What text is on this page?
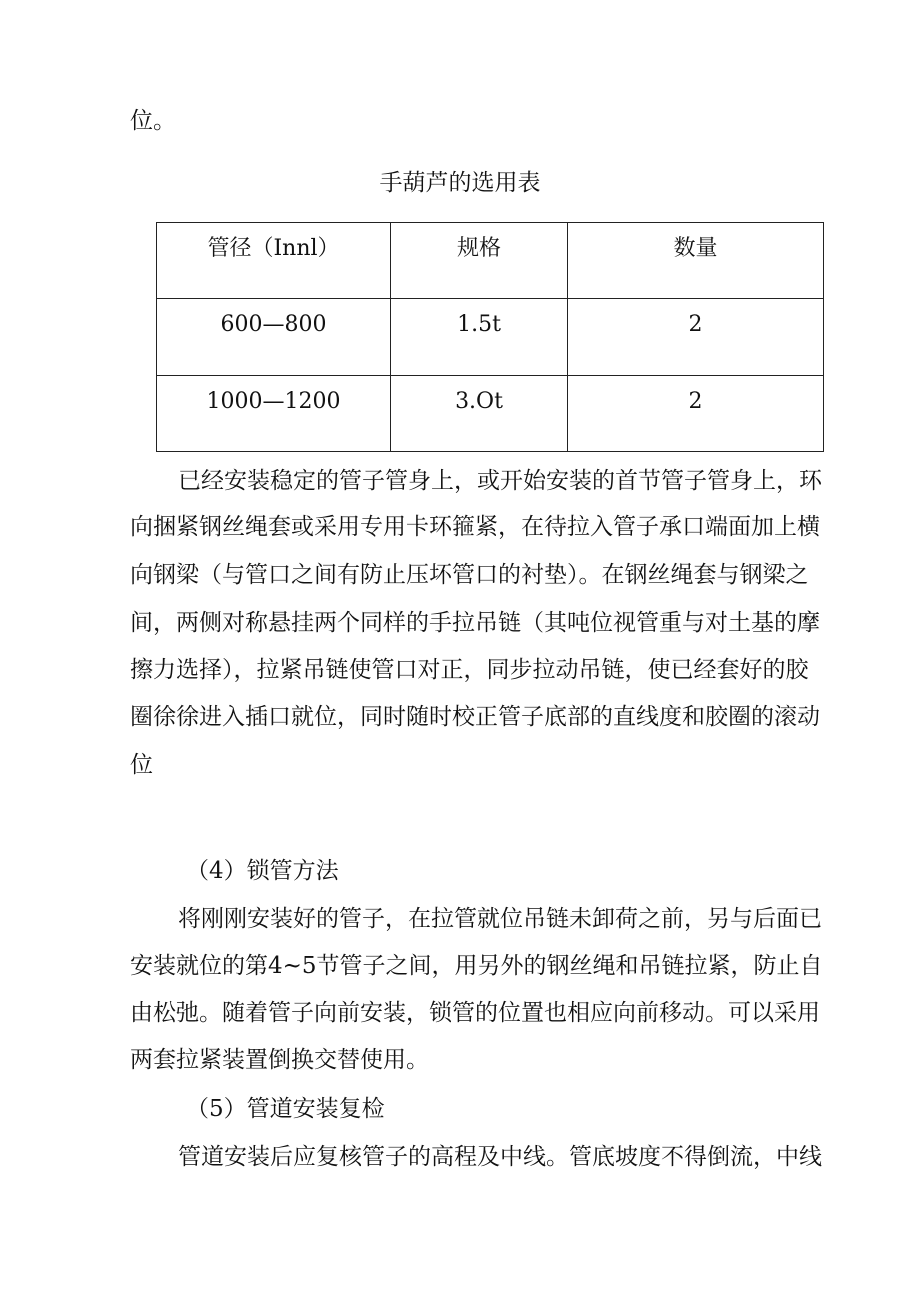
位。
手葫芦的选用表
管径（Innl）	规格	数量
600—800	1.5t	2
1000—1200	3.Ot	2
已经安装稳定的管子管身上，或开始安装的首节管子管身上，环
向捆紧钢丝绳套或采用专用卡环箍紧，在待拉入管子承口端面加上横
向钢梁（与管口之间有防止压坏管口的衬垫）。在钢丝绳套与钢梁之
间，两侧对称悬挂两个同样的手拉吊链（其吨位视管重与对土基的摩
擦力选择），拉紧吊链使管口对正，同步拉动吊链，使已经套好的胶
圈徐徐进入插口就位，同时随时校正管子底部的直线度和胶圈的滚动
位
（4）锁管方法
将刚刚安装好的管子，在拉管就位吊链未卸荷之前，另与后面已
安装就位的第4~5节管子之间，用另外的钢丝绳和吊链拉紧，防止自
由松弛。随着管子向前安装，锁管的位置也相应向前移动。可以采用
两套拉紧装置倒换交替使用。
（5）管道安装复检
管道安装后应复核管子的高程及中线。管底坡度不得倒流，中线
